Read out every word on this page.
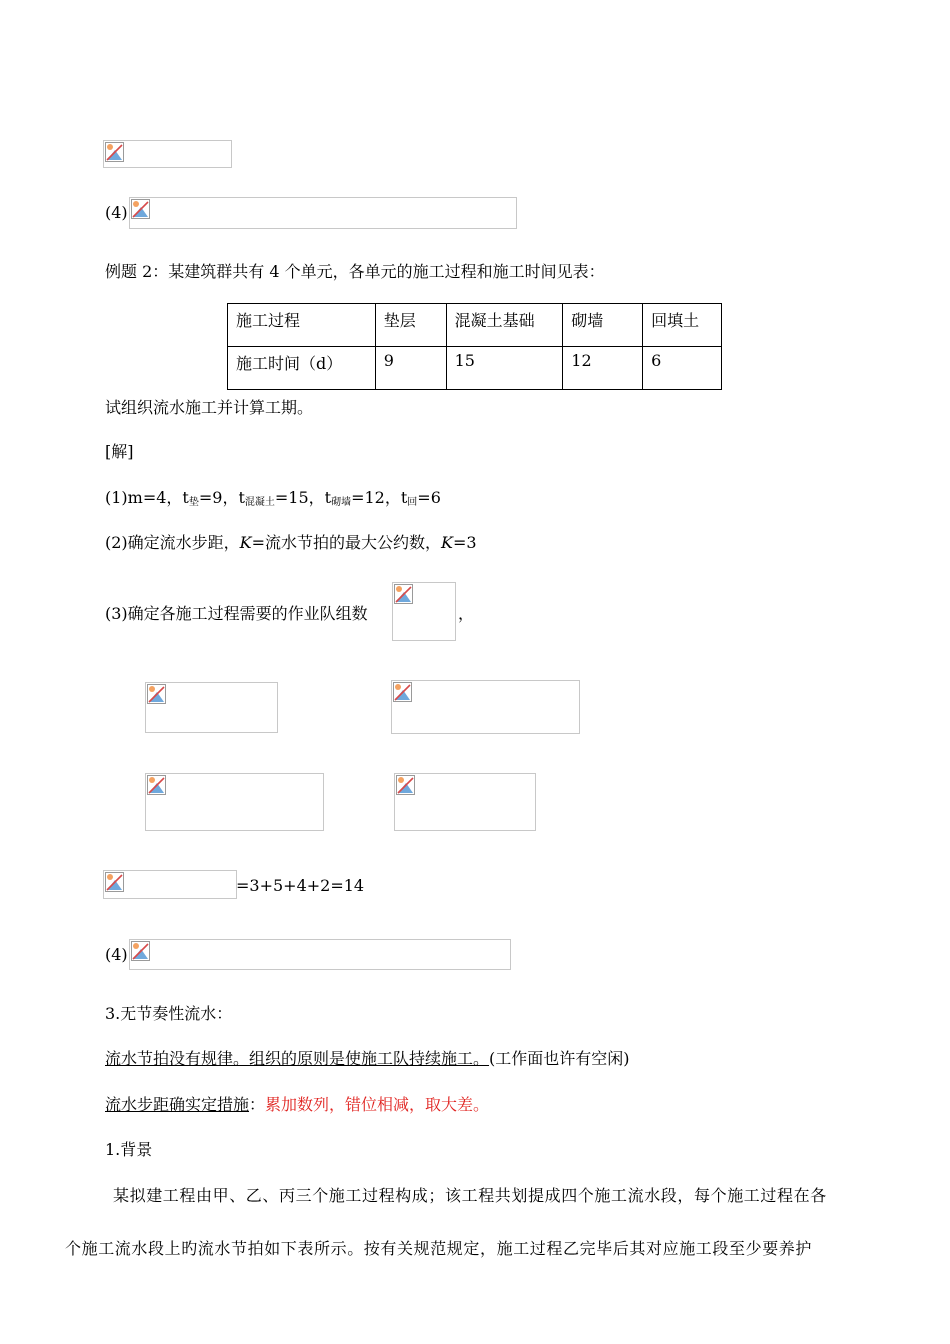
(4)
例题 2：某建筑群共有 4 个单元，各单元的施工过程和施工时间见表：
施工过程	垫层	混凝土基础	砌墙	回填土
施工时间（d）	9	15	12	6
试组织流水施工并计算工期。
[解]
(1)m=4，$t_垫=9$，$t_{混凝土}=15$，$t_{砌墙}=12$，$t_回=6$
(2)确定流水步距，K=流水节拍的最大公约数，K=3
(3)确定各施工过程需要的作业队组数	，
=3+5+4+2=14
(4)
3.无节奏性流水：
流水节拍没有规律。组织的原则是使施工队持续施工。(工作面也许有空闲)
流水步距确实定措施：累加数列，错位相减，取大差。
1.背景
某拟建工程由甲、乙、丙三个施工过程构成；该工程共划提成四个施工流水段，每个施工过程在各
个施工流水段上旳流水节拍如下表所示。按有关规范规定，施工过程乙完毕后其对应施工段至少要养护
